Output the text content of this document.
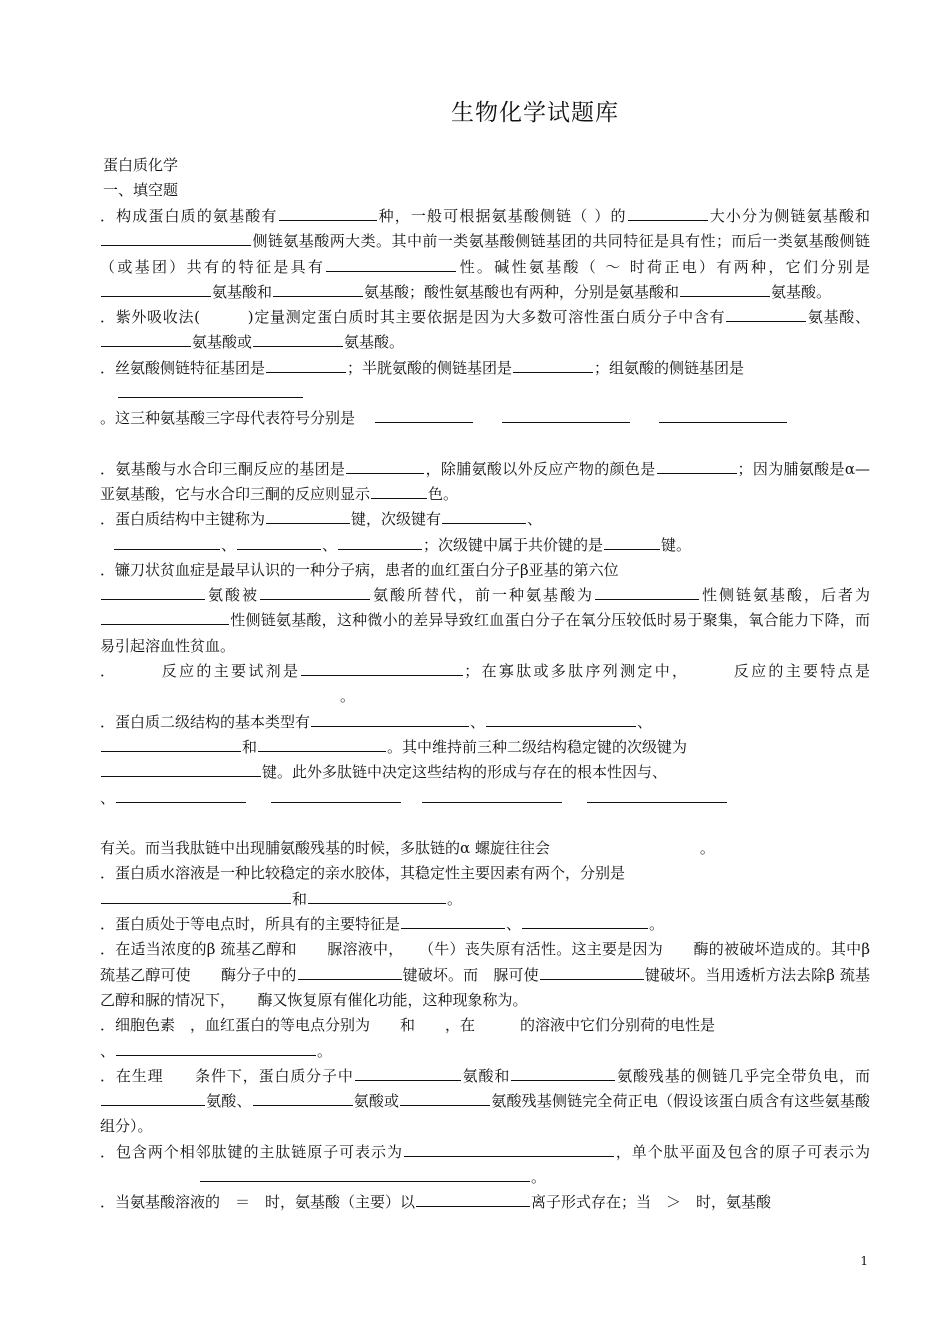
生物化学试题库
蛋白质化学
一、填空题

．构成蛋白质的氨基酸有	种，一般可根据氨基酸侧链（ ）的	大小分为侧链氨基酸和侧链氨基酸两大类。其中前一类氨基酸侧链基团的共同特征是具有性；而后一类氨基酸侧链（或基团）共有的特征是具有	性。碱性氨基酸（ ～ 时荷正电）有两种，它们分别是氨基酸和	氨基酸；酸性氨基酸也有两种，分别是氨基酸和	氨基酸。

．紫外吸收法(　　　)定量测定蛋白质时其主要依据是因为大多数可溶性蛋白质分子中含有	氨基酸、氨基酸或	氨基酸。

．丝氨酸侧链特征基团是	；半胱氨酸的侧链基团是	；组氨酸的侧链基团是

。这三种氨基酸三字母代表符号分别是

．氨基酸与水合印三酮反应的基团是	，除脯氨酸以外反应产物的颜色是	；因为脯氨酸是α—亚氨基酸，它与水合印三酮的反应则显示	色。

．蛋白质结构中主键称为	键，次级键有	、
、	、	；次级键中属于共价键的是	键。

．镰刀状贫血症是最早认识的一种分子病，患者的血红蛋白分子β亚基的第六位
氨酸被	氨酸所替代，前一种氨基酸为	性侧链氨基酸，后者为性侧链氨基酸，这种微小的差异导致红血蛋白分子在氧分压较低时易于聚集，氧合能力下降，而易引起溶血性贫血。

．　　　反应的主要试剂是	；在寡肽或多肽序列测定中，　　　反应的主要特点是。

．蛋白质二级结构的基本类型有	、	、
和	。其中维持前三种二级结构稳定键的次级键为
键。此外多肽链中决定这些结构的形成与存在的根本性因与、
、

有关。而当我肽链中出现脯氨酸残基的时候，多肽链的α 螺旋往往会	。

．蛋白质水溶液是一种比较稳定的亲水胶体，其稳定性主要因素有两个，分别是
和	。

．蛋白质处于等电点时，所具有的主要特征是	、	。

．在适当浓度的β 巯基乙醇和　　脲溶液中，　　（牛）丧失原有活性。这主要是因为　　酶的被破坏造成的。其中β 巯基乙醇可使　　酶分子中的	键破坏。而　脲可使	键破坏。当用透析方法去除β 巯基乙醇和脲的情况下，　　酶又恢复原有催化功能，这种现象称为。

．细胞色素　，血红蛋白的等电点分别为　　和　　，在　　　的溶液中它们分别荷的电性是
、	。

．在生理　　条件下，蛋白质分子中	氨酸和	氨酸残基的侧链几乎完全带负电，而氨酸、	氨酸或	氨酸残基侧链完全荷正电（假设该蛋白质含有这些氨基酸组分）。

．包含两个相邻肽键的主肽链原子可表示为	，单个肽平面及包含的原子可表示为。

．当氨基酸溶液的　＝　时，氨基酸（主要）以	离子形式存在；当　＞　时，氨基酸

1
